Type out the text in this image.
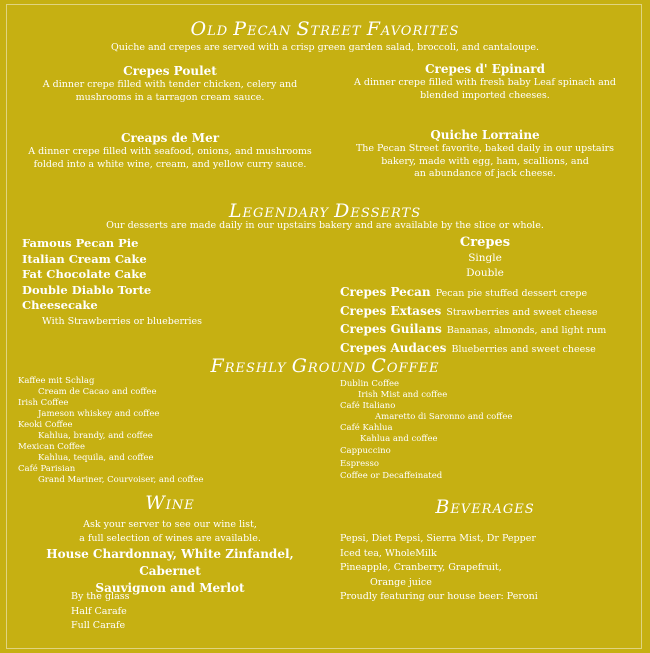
OLD PECAN STREET FAVORITES
Quiche and crepes are served with a crisp green garden salad, broccoli, and cantaloupe.
Crepes Poulet
A dinner crepe filled with tender chicken, celery and
mushrooms in a tarragon cream sauce.
Crepes d' Epinard
A dinner crepe filled with fresh baby Leaf spinach and
blended imported cheeses.
Creaps de Mer
A dinner crepe filled with seafood, onions, and mushrooms
folded into a white wine, cream, and yellow curry sauce.
Quiche Lorraine
The Pecan Street favorite, baked daily in our upstairs
bakery, made with egg, ham, scallions, and
an abundance of jack cheese.
LEGENDARY DESSERTS
Our desserts are made daily in our upstairs bakery and are available by the slice or whole.
Famous Pecan Pie
Italian Cream Cake
Fat Chocolate Cake
Double Diablo Torte
Cheesecake
With Strawberries or blueberries
Crepes
Single
Double
Crepes Pecan Pecan pie stuffed dessert crepe
Crepes Extases Strawberries and sweet cheese
Crepes Guilans Bananas, almonds, and light rum
Crepes Audaces Blueberries and sweet cheese
FRESHLY GROUND COFFEE
Kaffee mit Schlag
Cream de Cacao and coffee
Irish Coffee
Jameson whiskey and coffee
Keoki Coffee
Kahlua, brandy, and coffee
Mexican Coffee
Kahlua, tequila, and coffee
Café Parisian
Grand Mariner, Courvoiser, and coffee
Dublin Coffee
Irish Mist and coffee
Café Italiano
Amaretto di Saronno and coffee
Café Kahlua
Kahlua and coffee
Cappuccino
Espresso
Coffee or Decaffeinated
WINE
Ask your server to see our wine list,
a full selection of wines are available.
House Chardonnay, White Zinfandel, Cabernet
Sauvignon and Merlot
By the glass
Half Carafe
Full Carafe
BEVERAGES
Pepsi, Diet Pepsi, Sierra Mist, Dr Pepper
Iced tea, WholeMilk
Pineapple, Cranberry, Grapefruit,
Orange juice
Proudly featuring our house beer: Peroni
